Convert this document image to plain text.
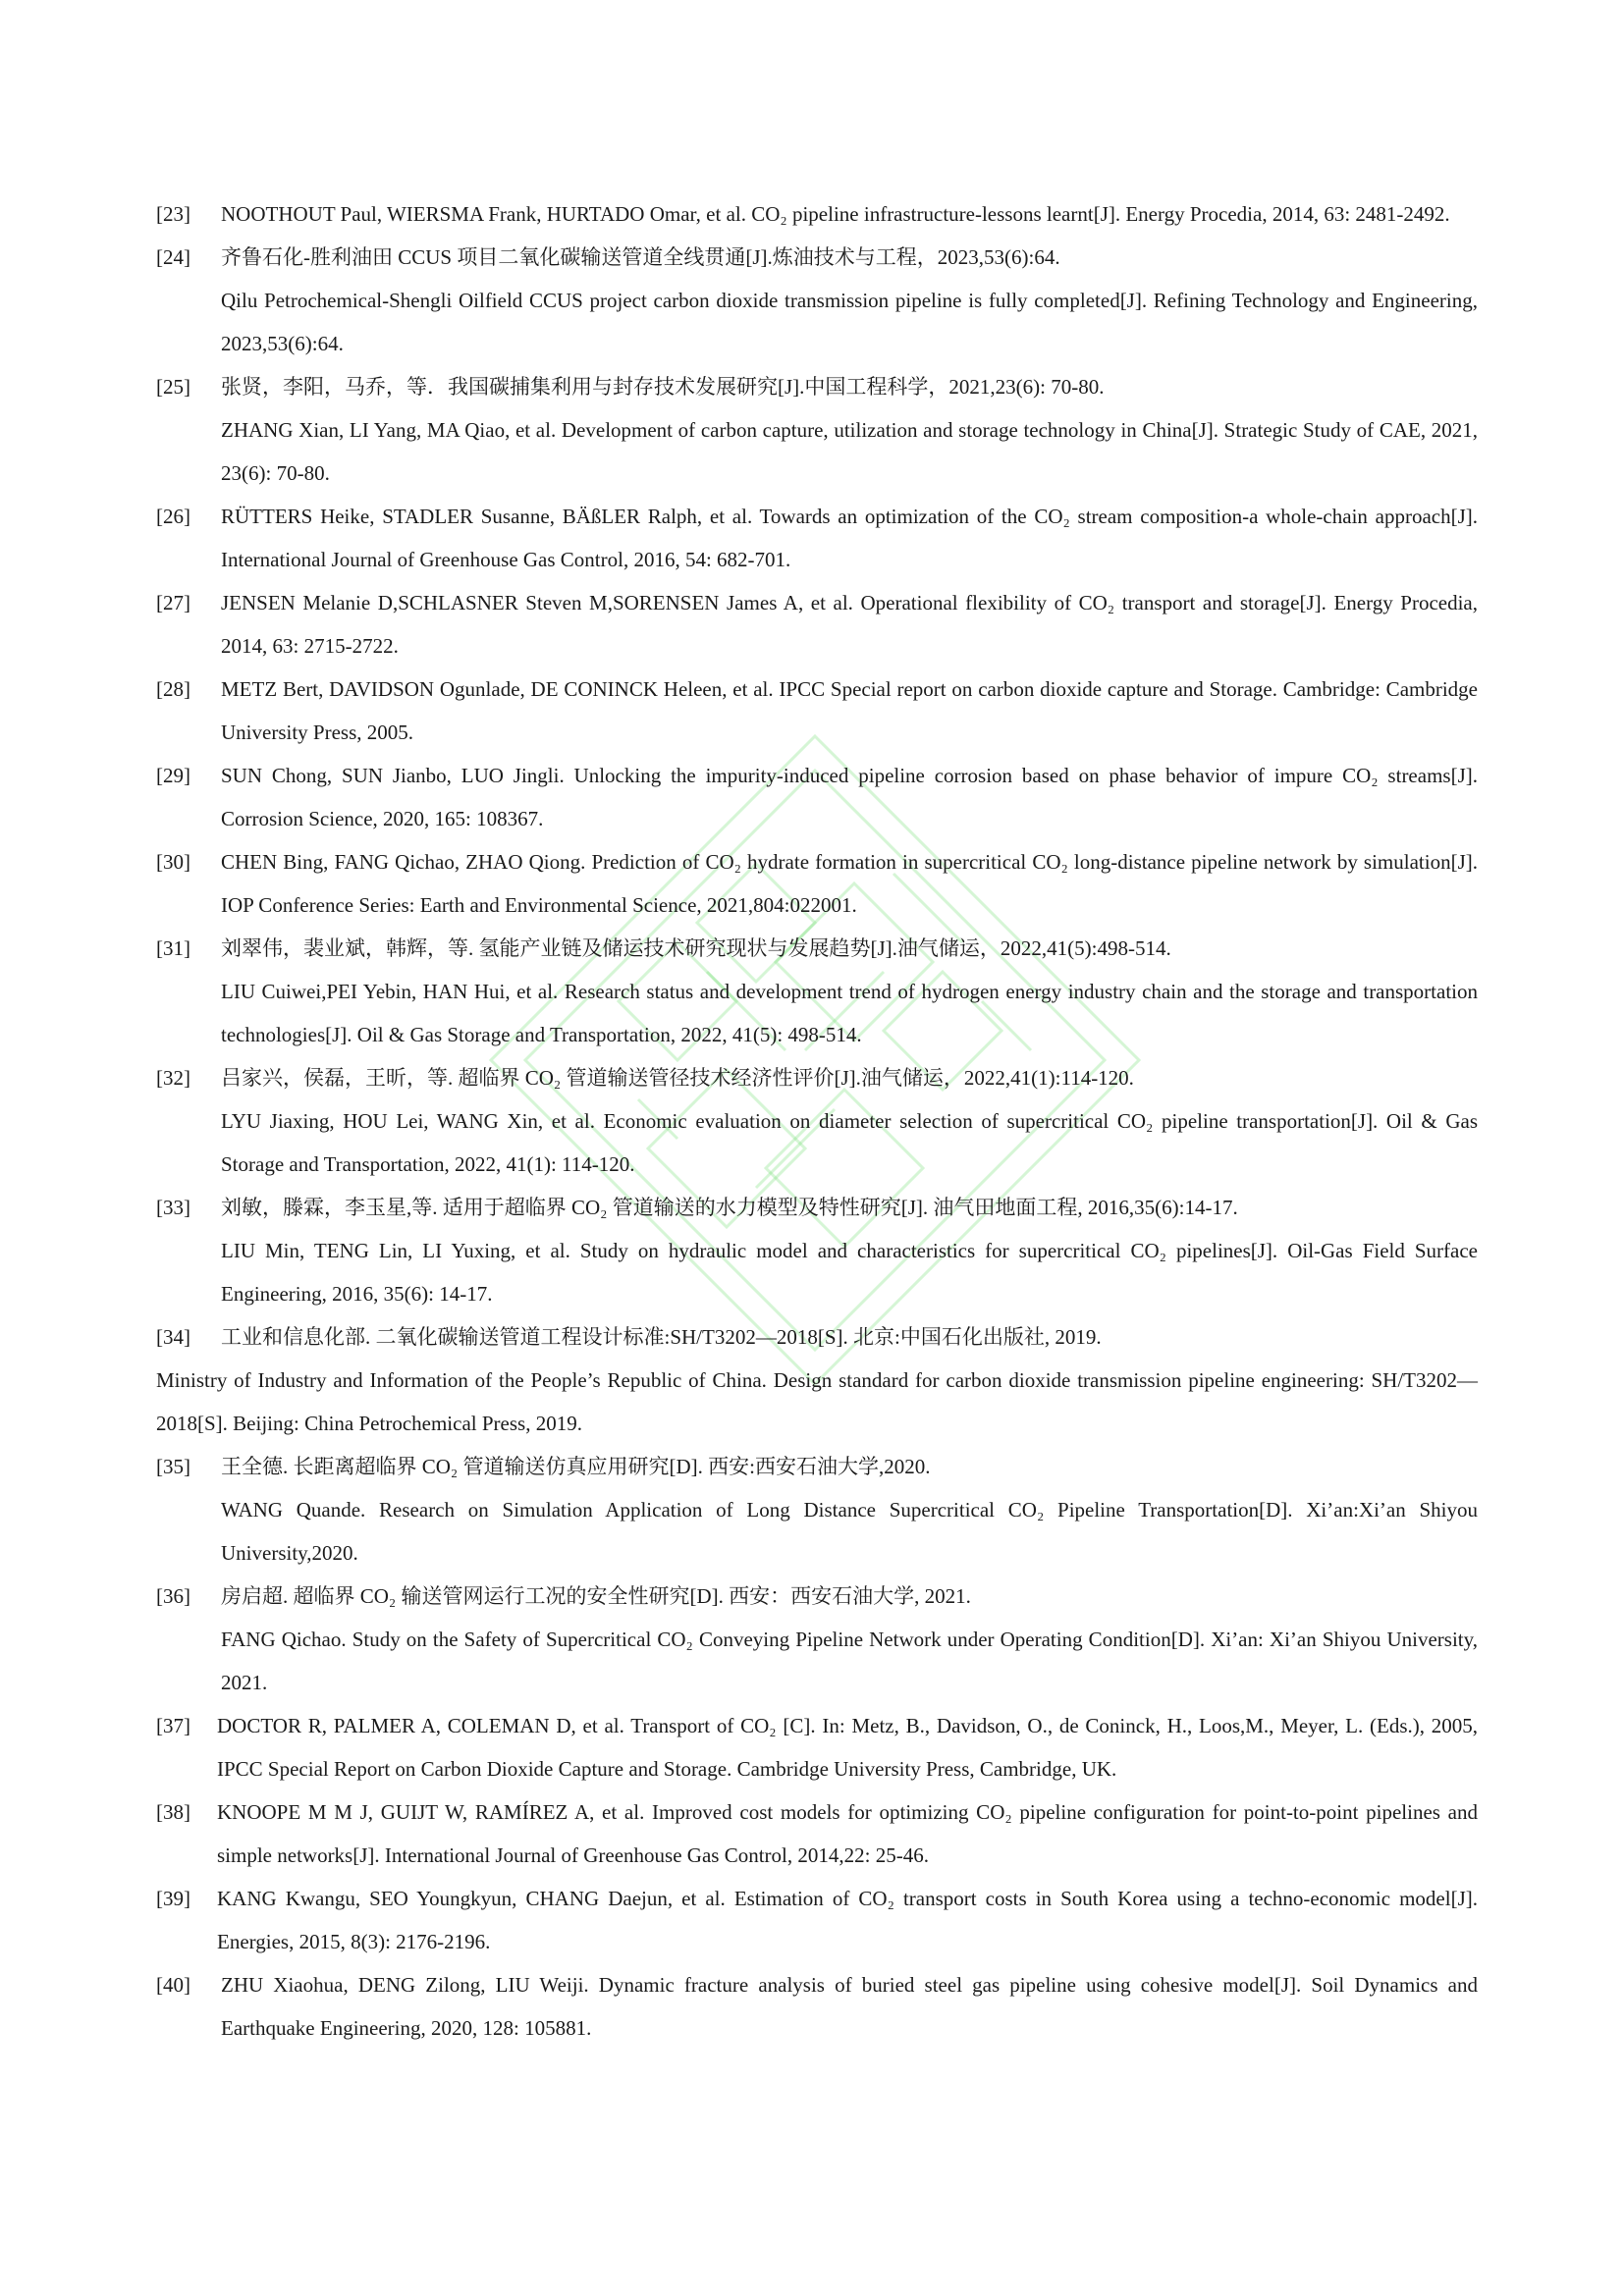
[23]	NOOTHOUT Paul, WIERSMA Frank, HURTADO Omar, et al. CO₂ pipeline infrastructure-lessons learnt[J]. Energy Procedia, 2014, 63: 2481-2492.

[24]	齐鲁石化-胜利油田 CCUS 项目二氧化碳输送管道全线贯通[J].炼油技术与工程，2023,53(6):64.

Qilu Petrochemical-Shengli Oilfield CCUS project carbon dioxide transmission pipeline is fully completed[J]. Refining Technology and Engineering, 2023,53(6):64.

[25]	张贤，李阳，马乔，等．我国碳捕集利用与封存技术发展研究[J].中国工程科学，2021,23(6): 70-80.

ZHANG Xian, LI Yang, MA Qiao, et al. Development of carbon capture, utilization and storage technology in China[J]. Strategic Study of CAE, 2021, 23(6): 70-80.

[26]	RÜTTERS Heike, STADLER Susanne, BÄßLER Ralph, et al. Towards an optimization of the CO₂ stream composition-a whole-chain approach[J]. International Journal of Greenhouse Gas Control, 2016, 54: 682-701.

[27]	JENSEN Melanie D,SCHLASNER Steven M,SORENSEN James A, et al. Operational flexibility of CO₂ transport and storage[J]. Energy Procedia, 2014, 63: 2715-2722.

[28]	METZ Bert, DAVIDSON Ogunlade, DE CONINCK Heleen, et al. IPCC Special report on carbon dioxide capture and Storage. Cambridge: Cambridge University Press, 2005.

[29]	SUN Chong, SUN Jianbo, LUO Jingli. Unlocking the impurity-induced pipeline corrosion based on phase behavior of impure CO₂ streams[J]. Corrosion Science, 2020, 165: 108367.

[30]	CHEN Bing, FANG Qichao, ZHAO Qiong. Prediction of CO₂ hydrate formation in supercritical CO₂ long-distance pipeline network by simulation[J]. IOP Conference Series: Earth and Environmental Science, 2021,804:022001.

[31]	刘翠伟，裴业斌，韩辉，等. 氢能产业链及储运技术研究现状与发展趋势[J].油气储运，2022,41(5):498-514.

LIU Cuiwei,PEI Yebin, HAN Hui, et al. Research status and development trend of hydrogen energy industry chain and the storage and transportation technologies[J]. Oil & Gas Storage and Transportation, 2022, 41(5): 498-514.

[32]	吕家兴，侯磊，王昕，等. 超临界 CO₂ 管道输送管径技术经济性评价[J].油气储运，2022,41(1):114-120.

LYU Jiaxing, HOU Lei, WANG Xin, et al. Economic evaluation on diameter selection of supercritical CO₂ pipeline transportation[J]. Oil & Gas Storage and Transportation, 2022, 41(1): 114-120.

[33]	刘敏，滕霖，李玉星,等. 适用于超临界 CO₂ 管道输送的水力模型及特性研究[J]. 油气田地面工程, 2016,35(6):14-17.

LIU Min, TENG Lin, LI Yuxing, et al. Study on hydraulic model and characteristics for supercritical CO₂ pipelines[J]. Oil-Gas Field Surface Engineering, 2016, 35(6): 14-17.

[34]	工业和信息化部. 二氧化碳输送管道工程设计标准:SH/T3202—2018[S]. 北京:中国石化出版社, 2019.

Ministry of Industry and Information of the People’s Republic of China. Design standard for carbon dioxide transmission pipeline engineering: SH/T3202—2018[S]. Beijing: China Petrochemical Press, 2019.

[35]	王全德. 长距离超临界 CO₂ 管道输送仿真应用研究[D]. 西安:西安石油大学,2020.

WANG Quande. Research on Simulation Application of Long Distance Supercritical CO₂ Pipeline Transportation[D]. Xi’an:Xi’an Shiyou University,2020.

[36]	房启超. 超临界 CO₂ 输送管网运行工况的安全性研究[D]. 西安：西安石油大学, 2021.

FANG Qichao. Study on the Safety of Supercritical CO₂ Conveying Pipeline Network under Operating Condition[D]. Xi’an: Xi’an Shiyou University, 2021.

[37]	DOCTOR R, PALMER A, COLEMAN D, et al. Transport of CO₂ [C]. In: Metz, B., Davidson, O., de Coninck, H., Loos,M., Meyer, L. (Eds.), 2005, IPCC Special Report on Carbon Dioxide Capture and Storage. Cambridge University Press, Cambridge, UK.

[38]	KNOOPE M M J, GUIJT W, RAMÍREZ A, et al. Improved cost models for optimizing CO₂ pipeline configuration for point-to-point pipelines and simple networks[J]. International Journal of Greenhouse Gas Control, 2014,22: 25-46.

[39]	KANG Kwangu, SEO Youngkyun, CHANG Daejun, et al. Estimation of CO₂ transport costs in South Korea using a techno-economic model[J]. Energies, 2015, 8(3): 2176-2196.

[40]	ZHU Xiaohua, DENG Zilong, LIU Weiji. Dynamic fracture analysis of buried steel gas pipeline using cohesive model[J]. Soil Dynamics and Earthquake Engineering, 2020, 128: 105881.
